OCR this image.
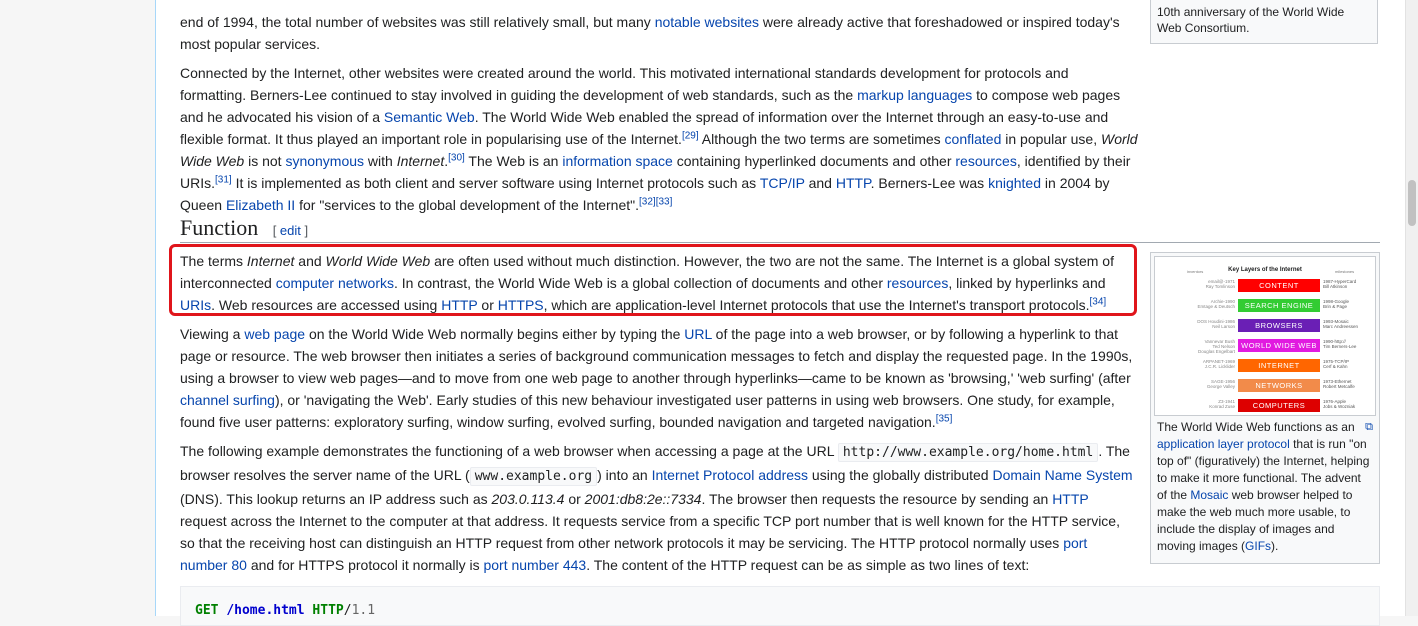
end of 1994, the total number of websites was still relatively small, but many notable websites were already active that foreshadowed or inspired today's most popular services.

Connected by the Internet, other websites were created around the world. This motivated international standards development for protocols and formatting. Berners-Lee continued to stay involved in guiding the development of web standards, such as the markup languages to compose web pages and he advocated his vision of a Semantic Web. The World Wide Web enabled the spread of information over the Internet through an easy-to-use and flexible format. It thus played an important role in popularising use of the Internet.[29] Although the two terms are sometimes conflated in popular use, World Wide Web is not synonymous with Internet.[30] The Web is an information space containing hyperlinked documents and other resources, identified by their URIs.[31] It is implemented as both client and server software using Internet protocols such as TCP/IP and HTTP. Berners-Lee was knighted in 2004 by Queen Elizabeth II for "services to the global development of the Internet".[32][33]

Function [ edit ]

The terms Internet and World Wide Web are often used without much distinction. However, the two are not the same. The Internet is a global system of interconnected computer networks. In contrast, the World Wide Web is a global collection of documents and other resources, linked by hyperlinks and URIs. Web resources are accessed using HTTP or HTTPS, which are application-level Internet protocols that use the Internet's transport protocols.[34]

Viewing a web page on the World Wide Web normally begins either by typing the URL of the page into a web browser, or by following a hyperlink to that page or resource. The web browser then initiates a series of background communication messages to fetch and display the requested page. In the 1990s, using a browser to view web pages—and to move from one web page to another through hyperlinks—came to be known as 'browsing,' 'web surfing' (after channel surfing), or 'navigating the Web'. Early studies of this new behaviour investigated user patterns in using web browsers. One study, for example, found five user patterns: exploratory surfing, window surfing, evolved surfing, bounded navigation and targeted navigation.[35]

The following example demonstrates the functioning of a web browser when accessing a page at the URL http://www.example.org/home.html . The browser resolves the server name of the URL ( www.example.org ) into an Internet Protocol address using the globally distributed Domain Name System (DNS). This lookup returns an IP address such as 203.0.113.4 or 2001:db8:2e::7334. The browser then requests the resource by sending an HTTP request across the Internet to the computer at that address. It requests service from a specific TCP port number that is well known for the HTTP service, so that the receiving host can distinguish an HTTP request from other network protocols it may be servicing. The HTTP protocol normally uses port number 80 and for HTTPS protocol it normally is port number 443. The content of the HTTP request can be as simple as two lines of text:

GET /home.html HTTP/1.1
10th anniversary of the World Wide Web Consortium.
Key Layers of the Internet
inventors	milestones
email@-1971
Ray Tomlinson	CONTENT	1987-HyperCard
Bill Atkinson
Archie-1990
Emtage & Deutsch	SEARCH ENGINE	1998-Google
Brin & Page
DOS Houdini-1986
Neil Larson	BROWSERS	1993-Mosaic
Marc Andreessen
Vannevar Bush
Ted Nelson
Douglas Engelbart
WORLD WIDE WEB	1990-http://
Tim Berners-Lee
ARPANET-1969
J.C.R. Licklider	INTERNET	1975-TCP/IP
Cerf & Kahn
SAGE-1956
George Valley	NETWORKS	1973-Ethernet
Robert Metcalfe
Z3-1941
Konrad Zuse	COMPUTERS	1976-Apple
Jobs & Wozniak
⧉
The World Wide Web functions as an application layer protocol that is run "on top of" (figuratively) the Internet, helping to make it more functional. The advent of the Mosaic web browser helped to make the web much more usable, to include the display of images and moving images (GIFs).
